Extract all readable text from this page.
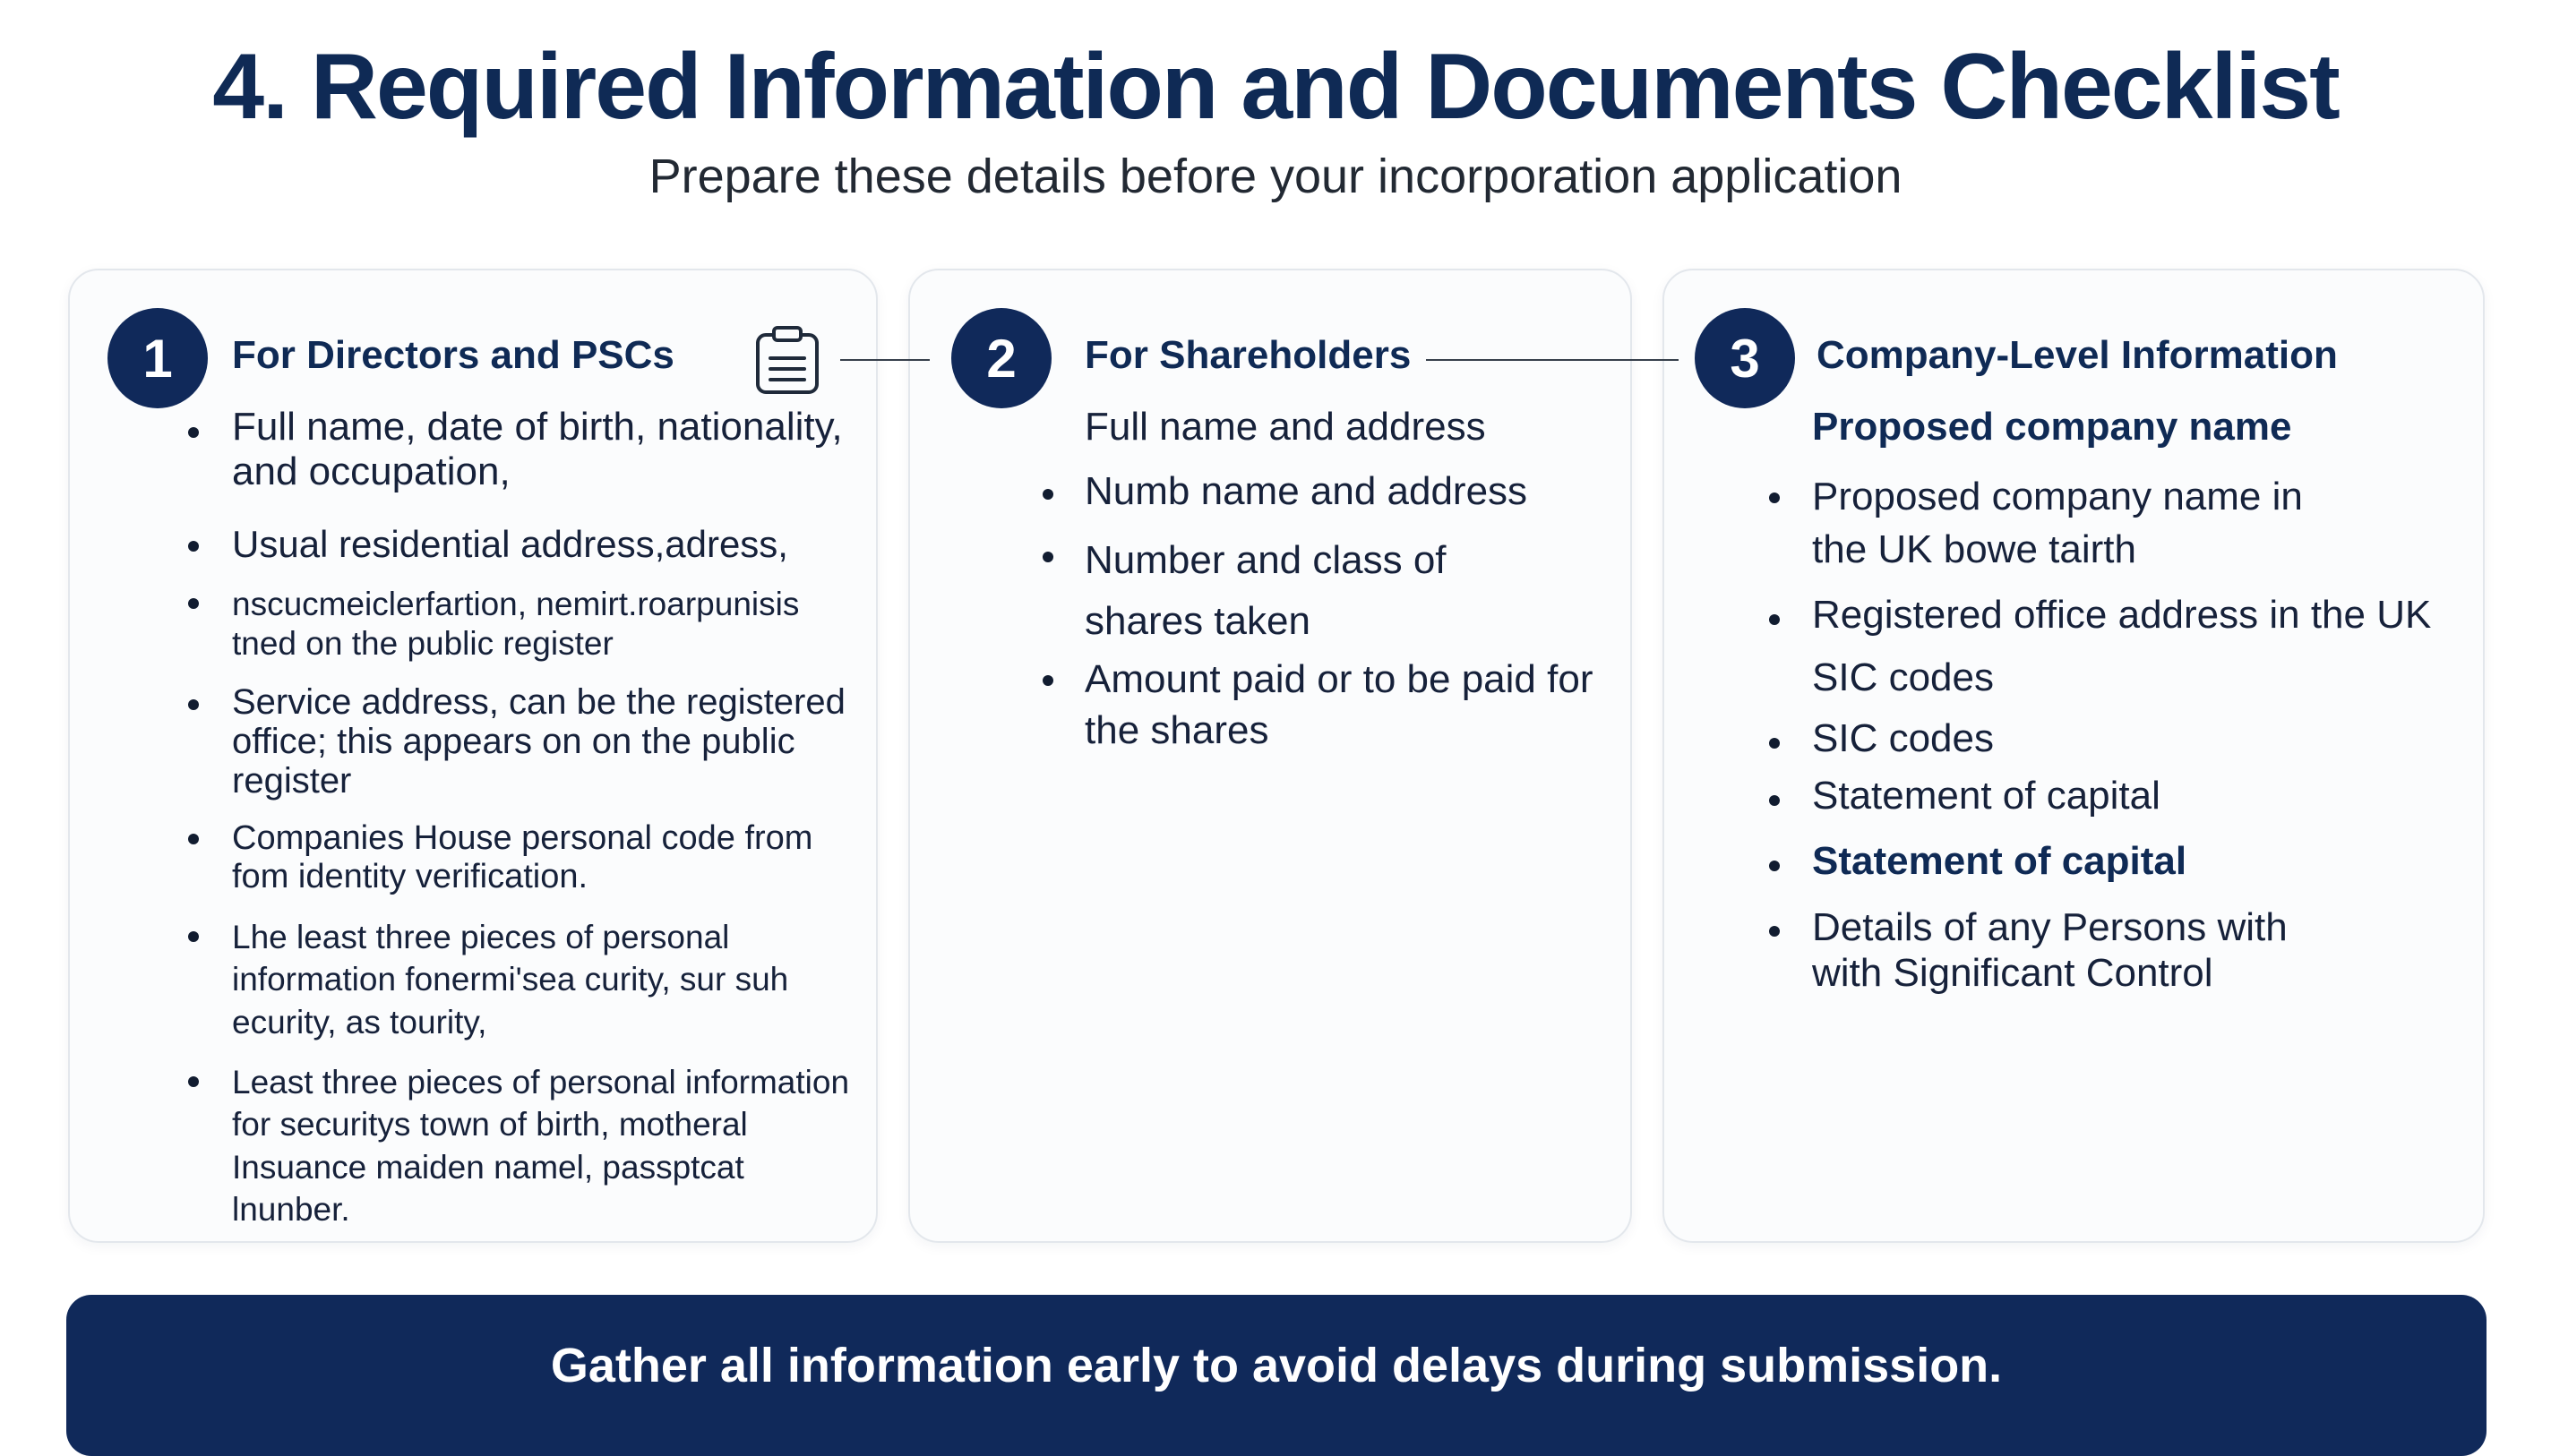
4. Required Information and Documents Checklist

Prepare these details before your incorporation application

1	For Directors and PSCs	2	For Shareholders	3	Company-Level Information
Full name, date of birth, nationality, and occupation,
Usual residential address,adress,
nscucmeiclerfartion, nemirt.roarpunisis tned on the public register
Service address, can be the registered office; this appears on on the public register
Companies House personal code from fom identity verification.
Lhe least three pieces of personal information fonermi'sea curity, sur suh ecurity, as tourity,
Least three pieces of personal information for securitys town of birth, motheral Insuance maiden namel, passptcat lnunber.
Full name and address
Numb name and address
Number and class of shares taken
Amount paid or to be paid for the shares
Proposed company name
Proposed company name in the UK bowe tairth
Registered office address in the UK
SIC codes
SIC codes
Statement of capital
Statement of capital
Details of any Persons with with Significant Control
Gather all information early to avoid delays during submission.
